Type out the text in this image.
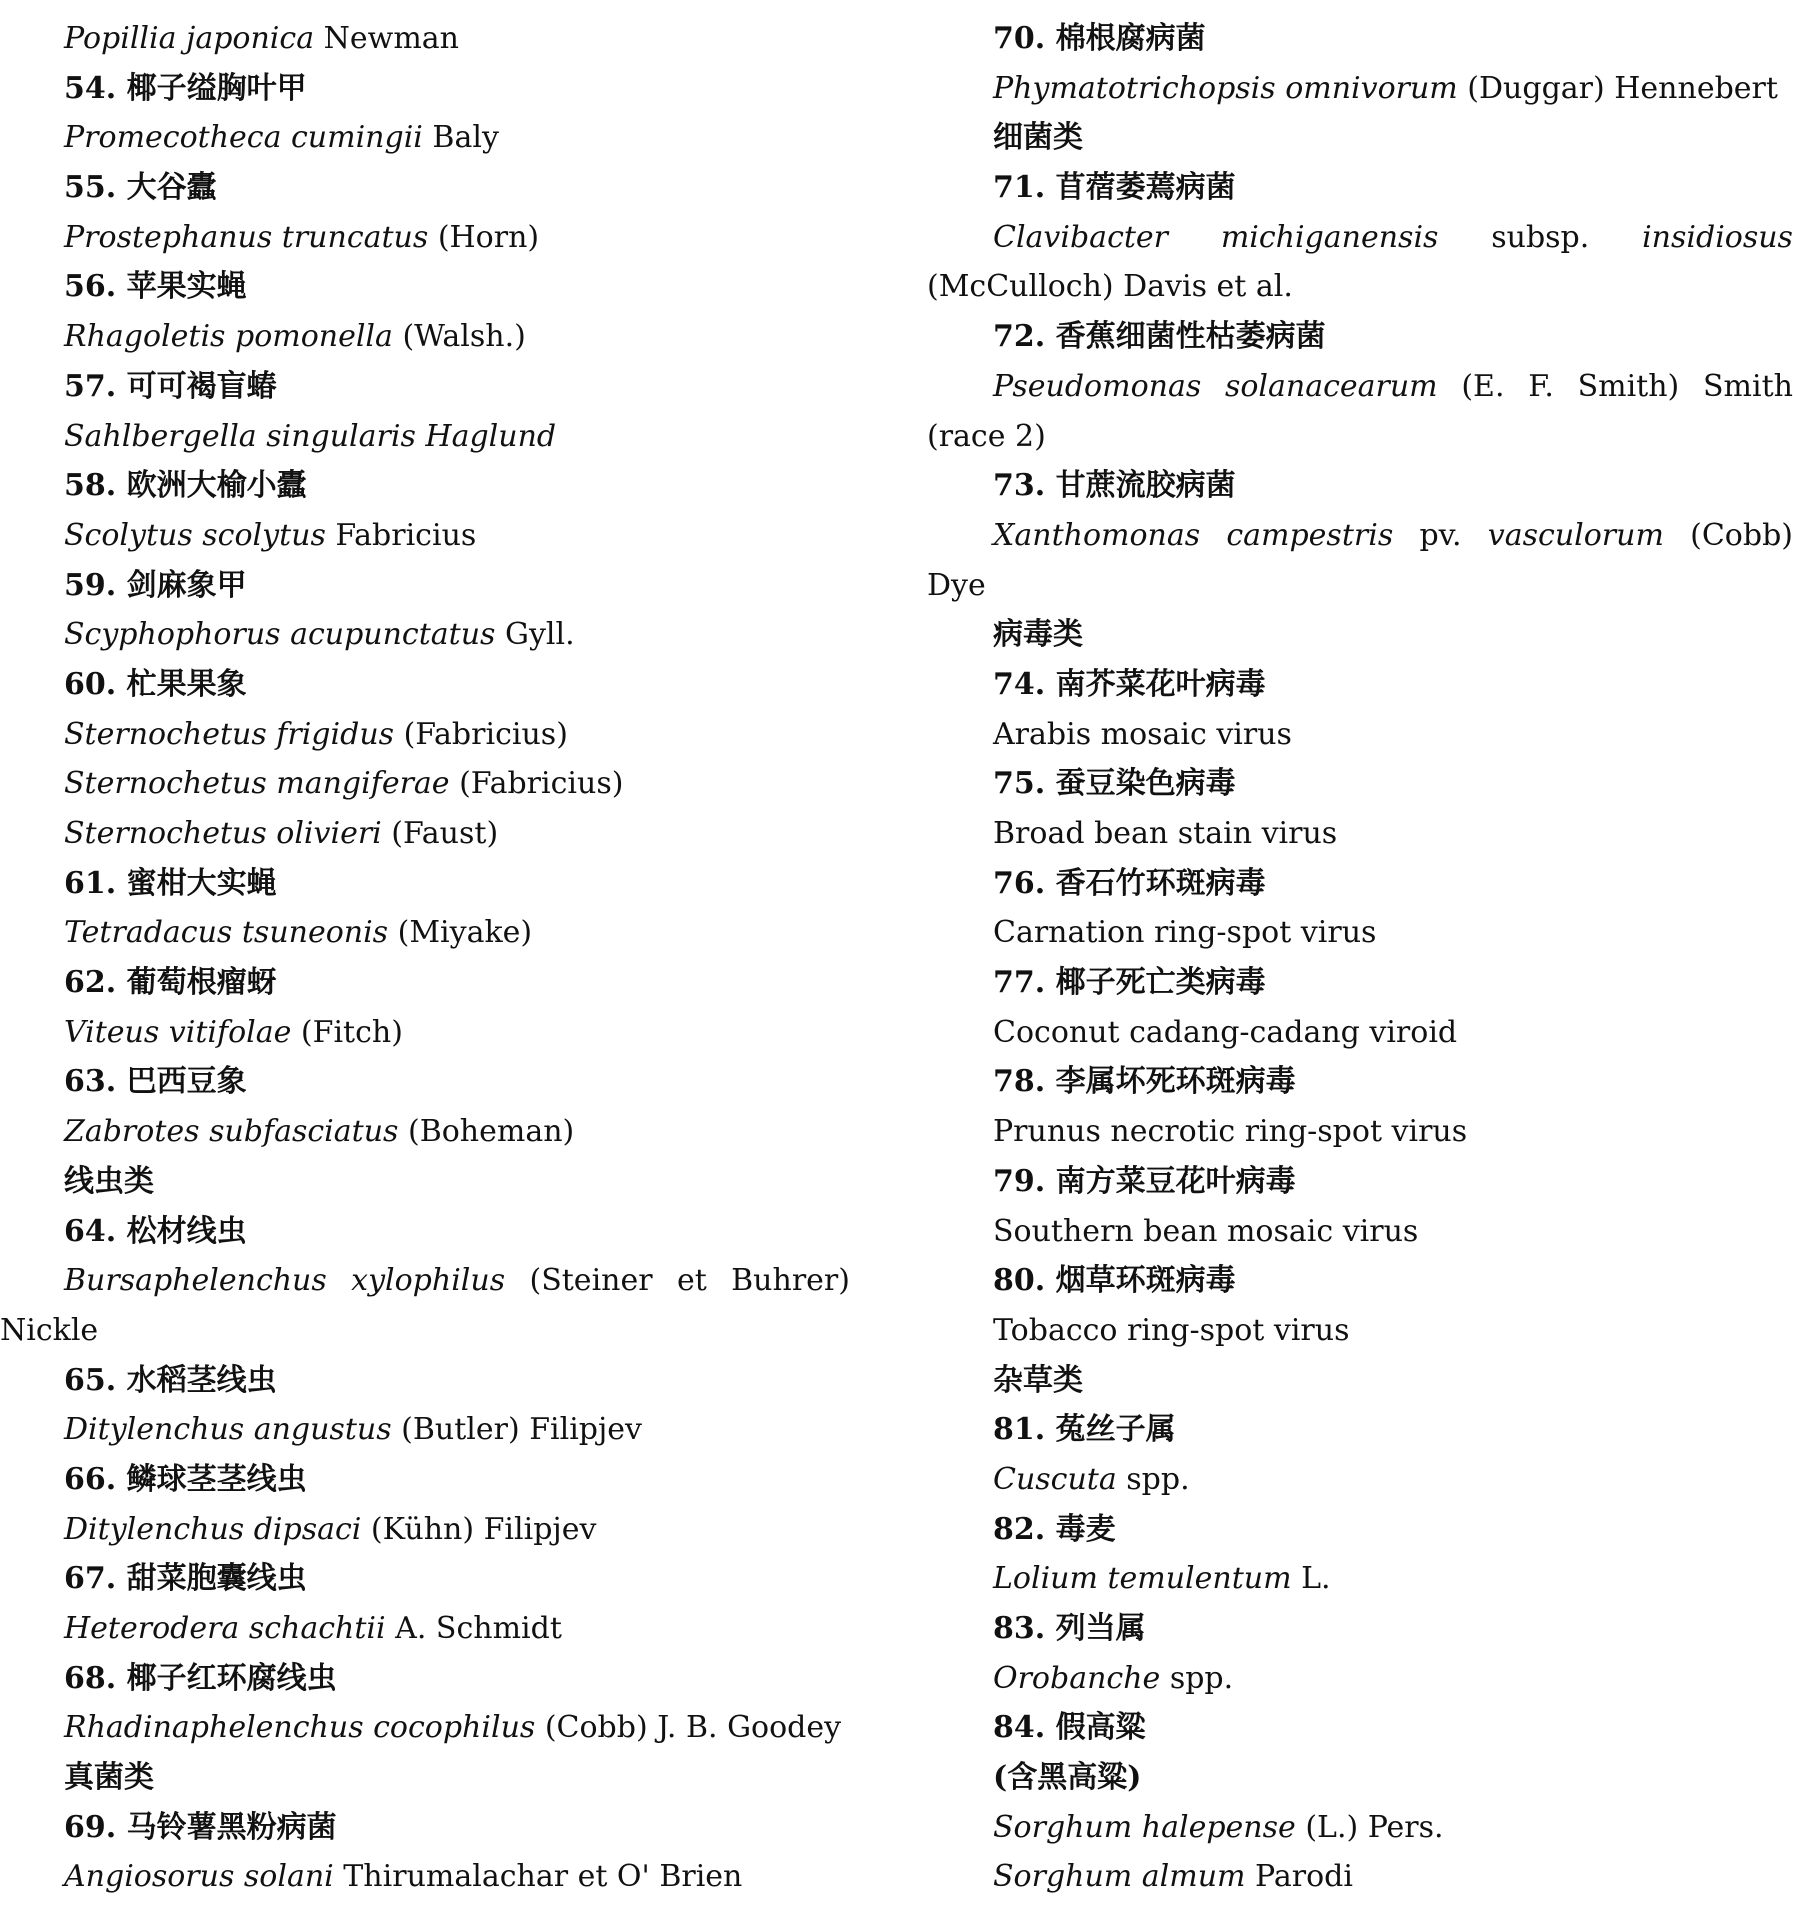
Popillia japonica Newman
54. 椰子缢胸叶甲
Promecotheca cumingii Baly
55. 大谷蠹
Prostephanus truncatus (Horn)
56. 苹果实蝇
Rhagoletis pomonella (Walsh.)
57. 可可褐盲蝽
Sahlbergella singularis Haglund
58. 欧洲大榆小蠹
Scolytus scolytus Fabricius
59. 剑麻象甲
Scyphophorus acupunctatus Gyll.
60. 杧果果象
Sternochetus frigidus (Fabricius)
Sternochetus mangiferae (Fabricius)
Sternochetus olivieri (Faust)
61. 蜜柑大实蝇
Tetradacus tsuneonis (Miyake)
62. 葡萄根瘤蚜
Viteus vitifolae (Fitch)
63. 巴西豆象
Zabrotes subfasciatus (Boheman)
线虫类
64. 松材线虫
Bursaphelenchus xylophilus (Steiner et Buhrer)
Nickle
65. 水稻茎线虫
Ditylenchus angustus (Butler) Filipjev
66. 鳞球茎茎线虫
Ditylenchus dipsaci (Kühn) Filipjev
67. 甜菜胞囊线虫
Heterodera schachtii A. Schmidt
68. 椰子红环腐线虫
Rhadinaphelenchus cocophilus (Cobb) J. B. Goodey
真菌类
69. 马铃薯黑粉病菌
Angiosorus solani Thirumalachar et O' Brien
70. 棉根腐病菌
Phymatotrichopsis omnivorum (Duggar) Hennebert
细菌类
71. 苜蓿萎蔫病菌
Clavibacter michiganensis subsp. insidiosus
(McCulloch) Davis et al.
72. 香蕉细菌性枯萎病菌
Pseudomonas solanacearum (E. F. Smith) Smith
(race 2)
73. 甘蔗流胶病菌
Xanthomonas campestris pv. vasculorum (Cobb)
Dye
病毒类
74. 南芥菜花叶病毒
Arabis mosaic virus
75. 蚕豆染色病毒
Broad bean stain virus
76. 香石竹环斑病毒
Carnation ring-spot virus
77. 椰子死亡类病毒
Coconut cadang-cadang viroid
78. 李属坏死环斑病毒
Prunus necrotic ring-spot virus
79. 南方菜豆花叶病毒
Southern bean mosaic virus
80. 烟草环斑病毒
Tobacco ring-spot virus
杂草类
81. 菟丝子属
Cuscuta spp.
82. 毒麦
Lolium temulentum L.
83. 列当属
Orobanche spp.
84. 假高粱
(含黑高粱)
Sorghum halepense (L.) Pers.
Sorghum almum Parodi
